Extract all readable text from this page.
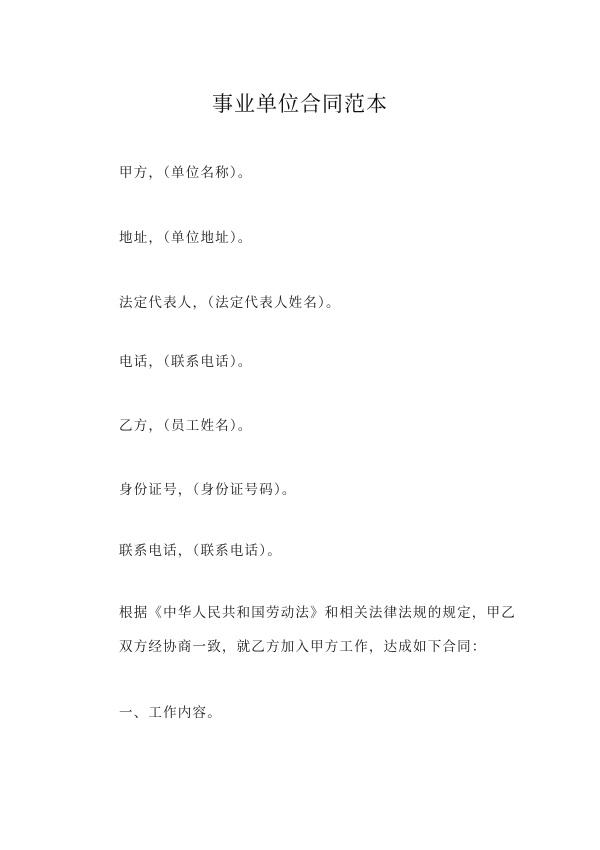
事业单位合同范本
甲方，（单位名称）。
地址，（单位地址）。
法定代表人，（法定代表人姓名）。
电话，（联系电话）。
乙方，（员工姓名）。
身份证号，（身份证号码）。
联系电话，（联系电话）。
根据《中华人民共和国劳动法》和相关法律法规的规定，甲乙
双方经协商一致，就乙方加入甲方工作，达成如下合同：
一、工作内容。
